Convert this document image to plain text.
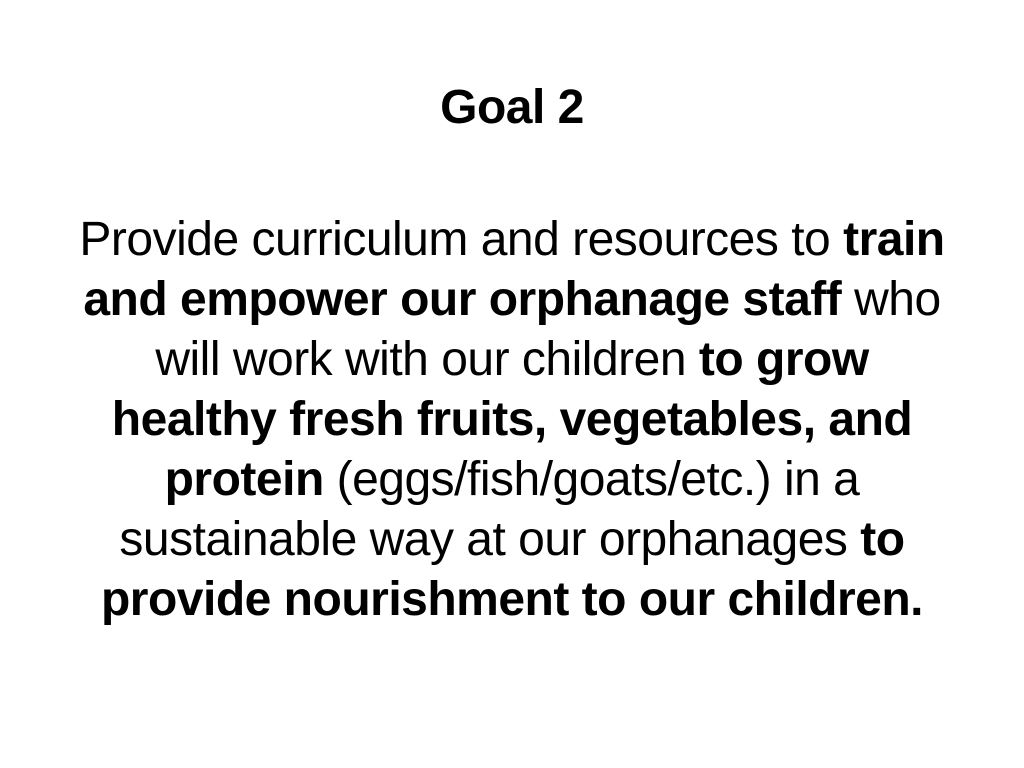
Goal 2
Provide curriculum and resources to train
and empower our orphanage staff who
will work with our children to grow
healthy fresh fruits, vegetables, and
protein (eggs/fish/goats/etc.) in a
sustainable way at our orphanages to
provide nourishment to our children.
